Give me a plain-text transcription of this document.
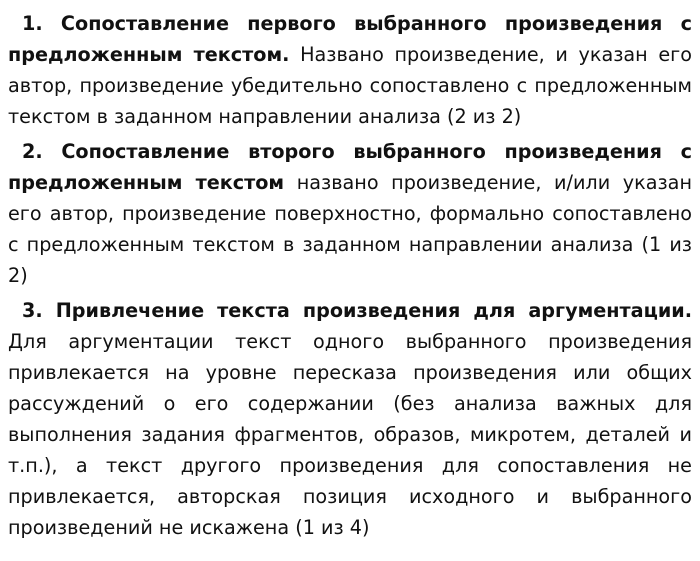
1. Сопоставление первого выбранного произведения с предложенным текстом. Названо произведение, и указан его автор, произведение убедительно сопоставлено с предложенным текстом в заданном направлении анализа (2 из 2)

2. Сопоставление второго выбранного произведения с предложенным текстом названо произведение, и/или указан его автор, произведение поверхностно, формально сопоставлено с предложенным текстом в заданном направлении анализа (1 из 2)

3. Привлечение текста произведения для аргументации. Для аргументации текст одного выбранного произведения привлекается на уровне пересказа произведения или общих рассуждений о его содержании (без анализа важных для выполнения задания фрагментов, образов, микротем, деталей и т.п.), а текст другого произведения для сопоставления не привлекается, авторская позиция исходного и выбранного произведений не искажена (1 из 4)
